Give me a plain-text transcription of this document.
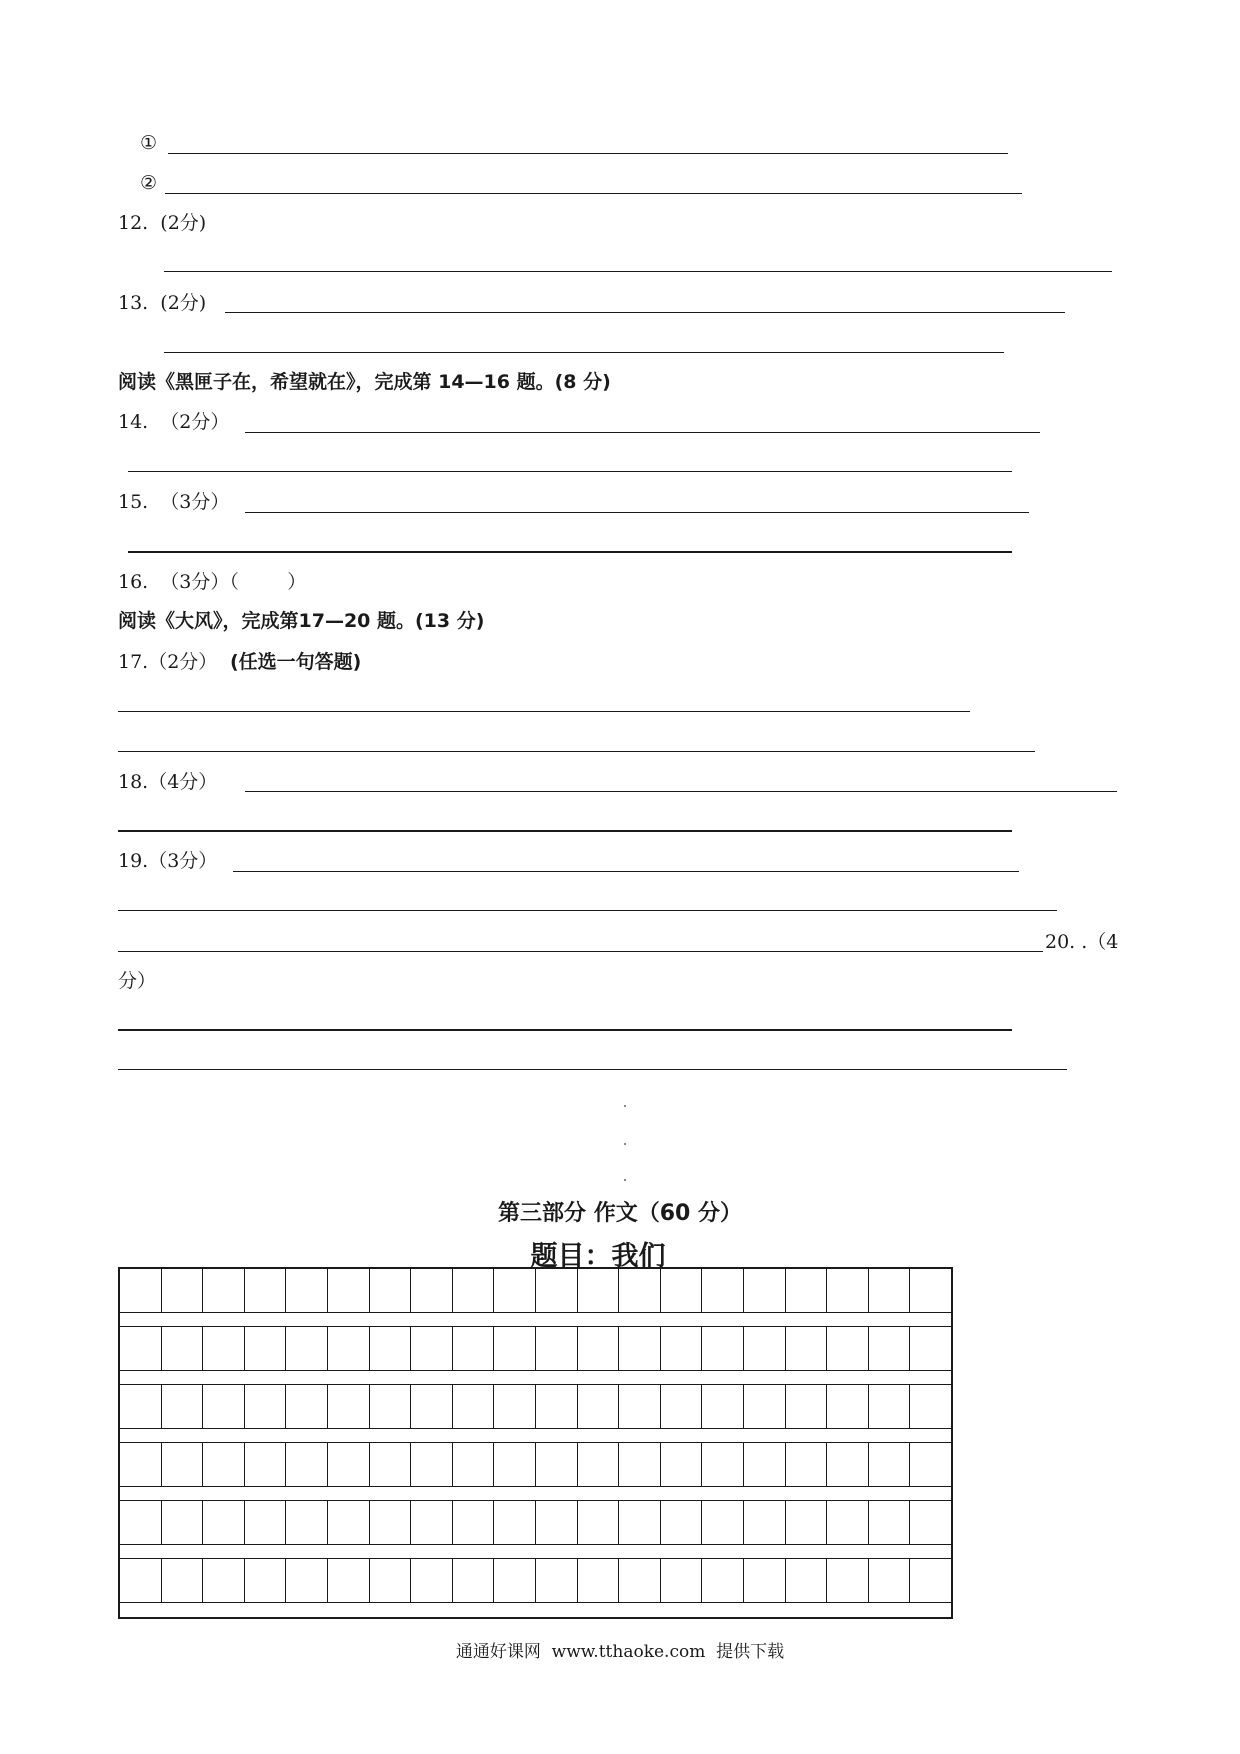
①
②
12.  (2分)
13.  (2分)
阅读《黑匣子在，希望就在》，完成第 14—16 题。(8 分)
14.  （2分）
15.  （3分）
16.  （3分）（        ）
阅读《大风》，完成第17—20 题。(13 分)
17.（2分） (任选一句答题)
18.（4分）
19.（3分）
20. .（4
分）
第三部分 作文（60 分）
题目：我们
通通好课网  www.tthaoke.com  提供下载
